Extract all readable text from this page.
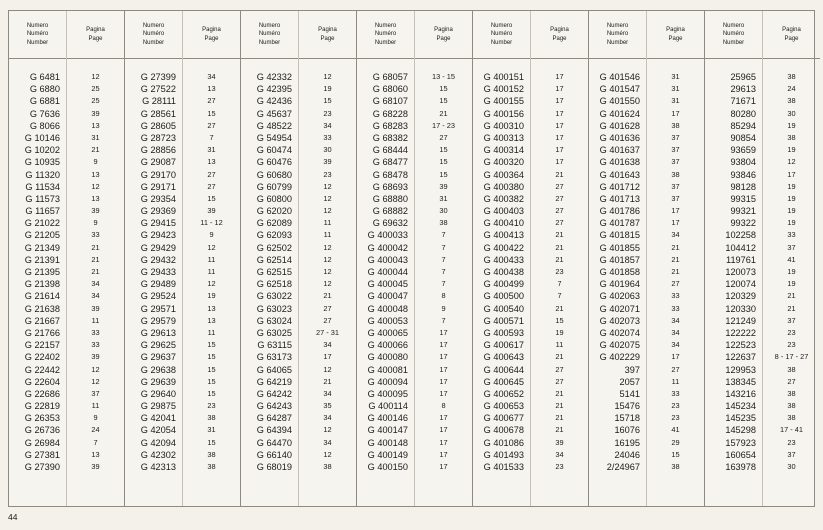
Numero
Numéro
Number
G 6481
G 6880
G 6881
G 7636
G 8066
G 10146
G 10202
G 10935
G 11320
G 11534
G 11573
G 11657
G 21022
G 21205
G 21349
G 21391
G 21395
G 21398
G 21614
G 21638
G 21667
G 21766
G 22157
G 22402
G 22442
G 22604
G 22686
G 22819
G 26353
G 26736
G 26984
G 27381
G 27390
Pagina
Page
12
25
25
39
13
31
21
9
13
12
13
39
9
33
21
21
21
34
34
39
11
33
33
39
12
12
37
11
9
24
7
13
39
Numero
Numéro
Number
G 27399
G 27522
G 28111
G 28561
G 28605
G 28723
G 28856
G 29087
G 29170
G 29171
G 29354
G 29369
G 29415
G 29423
G 29429
G 29432
G 29433
G 29489
G 29524
G 29571
G 29579
G 29613
G 29625
G 29637
G 29638
G 29639
G 29640
G 29875
G 42041
G 42054
G 42094
G 42302
G 42313
Pagina
Page
34
13
27
15
27
7
31
13
27
27
15
39
11 - 12
9
12
11
11
12
19
13
13
11
15
15
15
15
15
23
38
31
15
38
38
Numero
Numéro
Number
G 42332
G 42395
G 42436
G 45637
G 48522
G 54954
G 60474
G 60476
G 60680
G 60799
G 60800
G 62020
G 62089
G 62093
G 62502
G 62514
G 62515
G 62518
G 63022
G 63023
G 63024
G 63025
G 63115
G 63173
G 64065
G 64219
G 64242
G 64243
G 64287
G 64394
G 64470
G 66140
G 68019
Pagina
Page
12
19
15
23
34
33
30
39
23
12
12
12
11
11
12
12
12
12
21
27
27
27 - 31
34
17
12
21
34
35
34
12
34
12
38
Numero
Numéro
Number
G 68057
G 68060
G 68107
G 68228
G 68283
G 68382
G 68444
G 68477
G 68478
G 68693
G 68880
G 68882
G 69632
G 400033
G 400042
G 400043
G 400044
G 400045
G 400047
G 400048
G 400053
G 400065
G 400066
G 400080
G 400081
G 400094
G 400095
G 400114
G 400146
G 400147
G 400148
G 400149
G 400150
Pagina
Page
13 - 15
15
15
21
17 - 23
27
15
15
15
39
31
30
38
7
7
7
7
7
8
9
7
17
17
17
17
17
17
8
17
17
17
17
17
Numero
Numéro
Number
G 400151
G 400152
G 400155
G 400156
G 400310
G 400313
G 400314
G 400320
G 400364
G 400380
G 400382
G 400403
G 400410
G 400413
G 400422
G 400433
G 400438
G 400499
G 400500
G 400540
G 400571
G 400593
G 400617
G 400643
G 400644
G 400645
G 400652
G 400653
G 400677
G 400678
G 401086
G 401493
G 401533
Pagina
Page
17
17
17
17
17
17
17
17
21
27
27
27
27
21
21
21
23
7
7
21
15
19
11
21
27
27
21
21
21
21
39
34
23
Numero
Numéro
Number
G 401546
G 401547
G 401550
G 401624
G 401628
G 401636
G 401637
G 401638
G 401643
G 401712
G 401713
G 401786
G 401787
G 401815
G 401855
G 401857
G 401858
G 401964
G 402063
G 402071
G 402073
G 402074
G 402075
G 402229
397
2057
5141
15476
15718
16076
16195
24046
2/24967
Pagina
Page
31
31
31
17
38
37
37
37
38
37
37
17
17
34
21
21
21
27
33
33
34
34
34
17
27
11
33
23
23
41
29
15
38
Numero
Numéro
Number
25965
29613
71671
80280
85294
90854
93659
93804
93846
98128
99315
99321
99322
102258
104412
119761
120073
120074
120329
120330
121249
122222
122523
122637
129953
138345
143216
145234
145235
145298
157923
160654
163978
Pagina
Page
38
24
38
30
19
38
19
12
17
19
19
19
19
33
37
41
19
19
21
21
37
23
23
8 - 17 - 27
38
27
38
38
38
17 - 41
23
37
30
44
